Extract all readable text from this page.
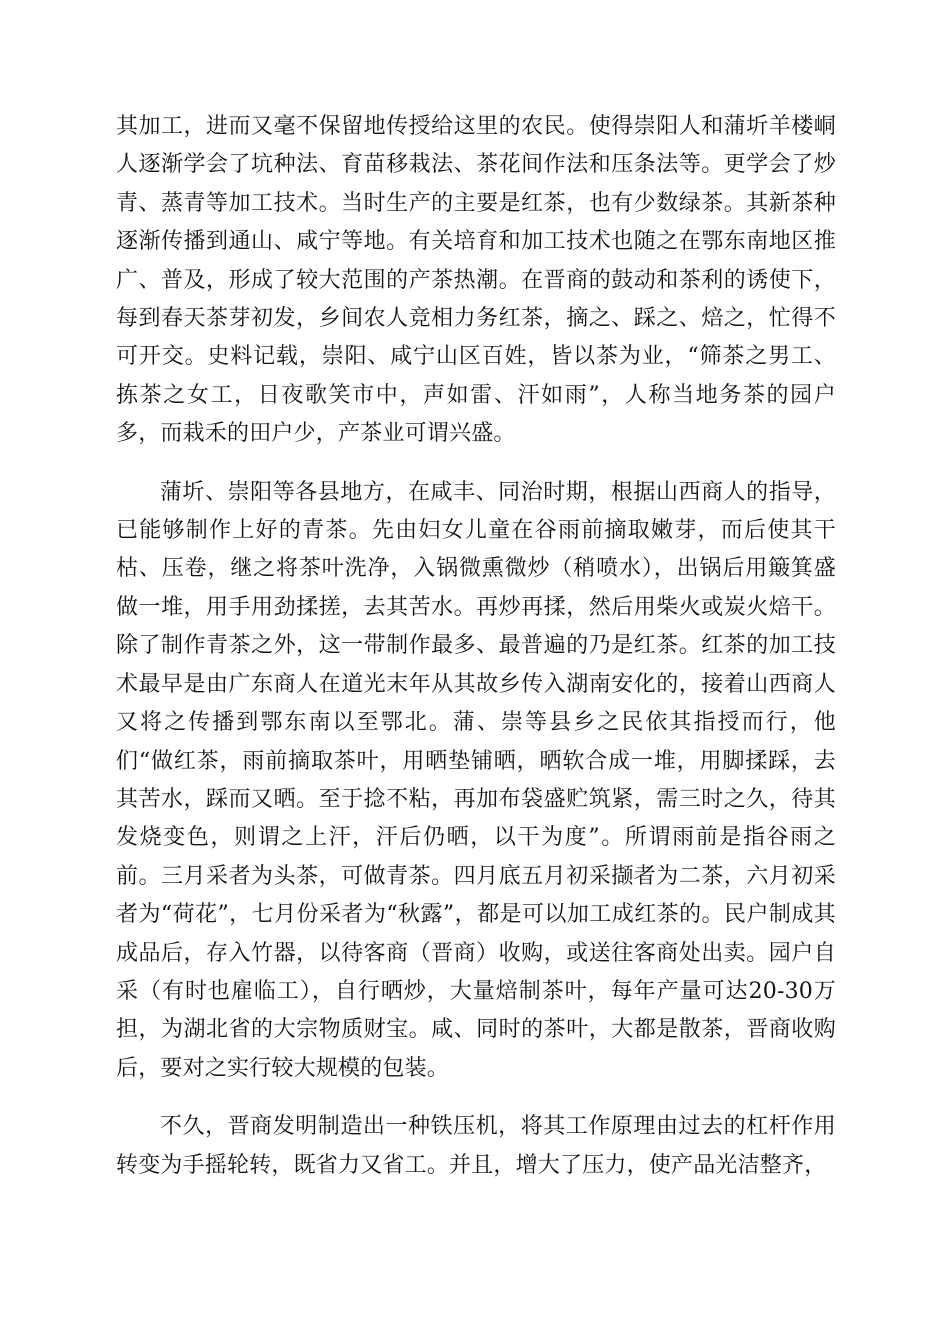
其加工，进而又毫不保留地传授给这里的农民。使得崇阳人和蒲圻羊楼峒人逐渐学会了坑种法、育苗移栽法、茶花间作法和压条法等。更学会了炒青、蒸青等加工技术。当时生产的主要是红茶，也有少数绿茶。其新茶种逐渐传播到通山、咸宁等地。有关培育和加工技术也随之在鄂东南地区推广、普及，形成了较大范围的产茶热潮。在晋商的鼓动和茶利的诱使下，每到春天茶芽初发，乡间农人竞相力务红茶，摘之、踩之、焙之，忙得不可开交。史料记载，崇阳、咸宁山区百姓，皆以茶为业，“筛茶之男工、拣茶之女工，日夜歌笑市中，声如雷、汗如雨”，人称当地务茶的园户多，而栽禾的田户少，产茶业可谓兴盛。

蒲圻、崇阳等各县地方，在咸丰、同治时期，根据山西商人的指导，已能够制作上好的青茶。先由妇女儿童在谷雨前摘取嫩芽，而后使其干枯、压卷，继之将茶叶洗净，入锅微熏微炒（稍喷水），出锅后用簸箕盛做一堆，用手用劲揉搓，去其苦水。再炒再揉，然后用柴火或炭火焙干。除了制作青茶之外，这一带制作最多、最普遍的乃是红茶。红茶的加工技术最早是由广东商人在道光末年从其故乡传入湖南安化的，接着山西商人又将之传播到鄂东南以至鄂北。蒲、崇等县乡之民依其指授而行，他们“做红茶，雨前摘取茶叶，用晒垫铺晒，晒软合成一堆，用脚揉踩，去其苦水，踩而又晒。至于捻不粘，再加布袋盛贮筑紧，需三时之久，待其发烧变色，则谓之上汗，汗后仍晒，以干为度”。所谓雨前是指谷雨之前。三月采者为头茶，可做青茶。四月底五月初采撷者为二茶，六月初采者为“荷花”，七月份采者为“秋露”，都是可以加工成红茶的。民户制成其成品后，存入竹器，以待客商（晋商）收购，或送往客商处出卖。园户自采（有时也雇临工），自行晒炒，大量焙制茶叶，每年产量可达20-30万担，为湖北省的大宗物质财宝。咸、同时的茶叶，大都是散茶，晋商收购后，要对之实行较大规模的包装。

不久，晋商发明制造出一种铁压机，将其工作原理由过去的杠杆作用转变为手摇轮转，既省力又省工。并且，增大了压力，使产品光洁整齐，
